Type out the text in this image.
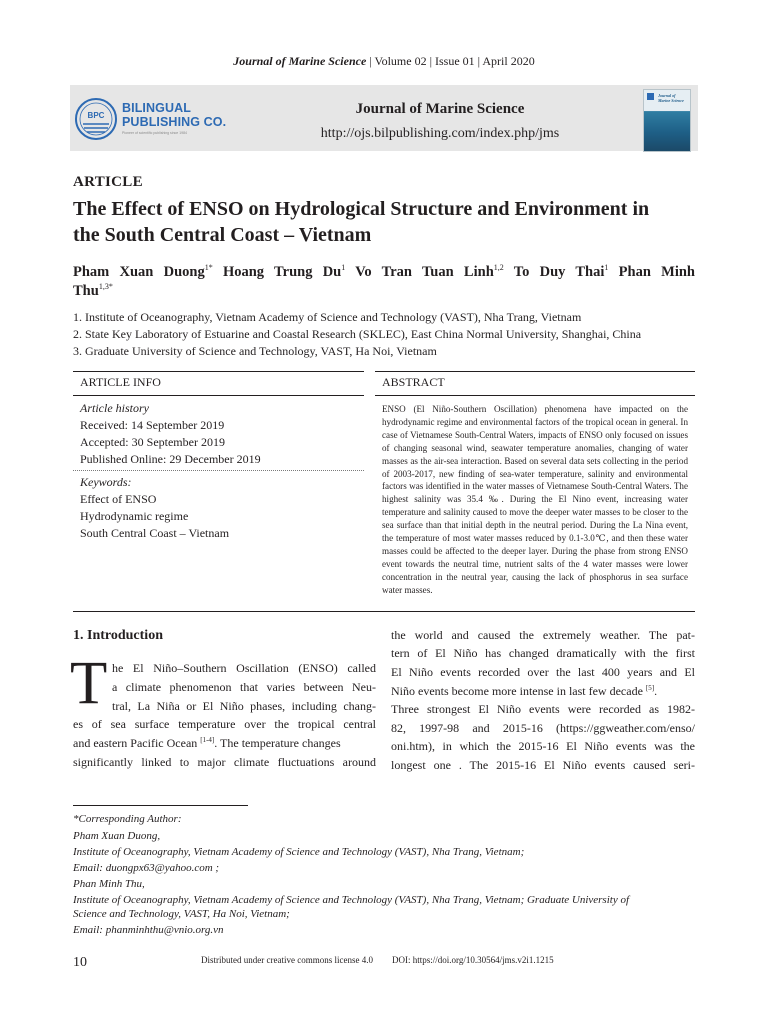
Journal of Marine Science | Volume 02 | Issue 01 | April 2020
BPC
BILINGUAL
PUBLISHING CO.
Pioneer of scientific publishing since 1984
Journal of Marine Science
http://ojs.bilpublishing.com/index.php/jms
Journal of Marine Science
ARTICLE
The Effect of ENSO on Hydrological Structure and Environment in
the South Central Coast – Vietnam
Pham Xuan Duong$^{1*}$ Hoang Trung Du$^1$ Vo Tran Tuan Linh$^{1,2}$ To Duy Thai$^1$ Phan Minh
Thu$^{1,3*}$
1. Institute of Oceanography, Vietnam Academy of Science and Technology (VAST), Nha Trang, Vietnam
2. State Key Laboratory of Estuarine and Coastal Research (SKLEC), East China Normal University, Shanghai, China
3. Graduate University of Science and Technology, VAST, Ha Noi, Vietnam
ARTICLE INFO	ABSTRACT
Article history
Received: 14 September 2019
Accepted: 30 September 2019
Published Online: 29 December 2019
Keywords:
Effect of ENSO
Hydrodynamic regime
South Central Coast – Vietnam
ENSO (El Niño-Southern Oscillation) phenomena have impacted on the hydrodynamic regime and environmental factors of the tropical ocean in general. In case of Vietnamese South-Central Waters, impacts of ENSO only focused on issues of changing seasonal wind, seawater temperature anomalies, changing of water masses as the air-sea interaction. Based on several data sets collecting in the period of 2003-2017, new finding of sea-water temperature, salinity and environmental factors was identified in the water masses of Vietnamese South-Central Waters. The highest salinity was 35.4 ‰. During the El Nino event, increasing water temperature and salinity caused to move the deeper water masses to be closer to the sea surface than that initial depth in the neutral period. During the La Nina event, the temperature of most water masses reduced by 0.1-3.0℃, and then these water masses could be affected to the deeper layer. During the phase from strong ENSO event towards the neutral time, nutrient salts of the 4 water masses were lower concentration in the neutral year, causing the lack of phosphorus in sea surface water masses.
1. Introduction
T he El Niño–Southern Oscillation (ENSO) called
a climate phenomenon that varies between Neu-
tral, La Niña or El Niño phases, including chang-
es of sea surface temperature over the tropical central
and eastern Pacific Ocean [1-4]. The temperature changes
significantly linked to major climate fluctuations around
the world and caused the extremely weather. The pat-
tern of El Niño has changed dramatically with the first
El Niño events recorded over the last 400 years and El
Niño events become more intense in last few decade [5].
Three strongest El Niño events were recorded as 1982-
82, 1997-98 and 2015-16 (https://ggweather.com/enso/
oni.htm), in which the 2015-16 El Niño events was the
longest one . The 2015-16 El Niño events caused seri-
*Corresponding Author:
Pham Xuan Duong,
Institute of Oceanography, Vietnam Academy of Science and Technology (VAST), Nha Trang, Vietnam;
Email: duongpx63@yahoo.com ;
Phan Minh Thu,
Institute of Oceanography, Vietnam Academy of Science and Technology (VAST), Nha Trang, Vietnam; Graduate University of
Science and Technology, VAST, Ha Noi, Vietnam;
Email: phanminhthu@vnio.org.vn
10	Distributed under creative commons license 4.0 DOI: https://doi.org/10.30564/jms.v2i1.1215
